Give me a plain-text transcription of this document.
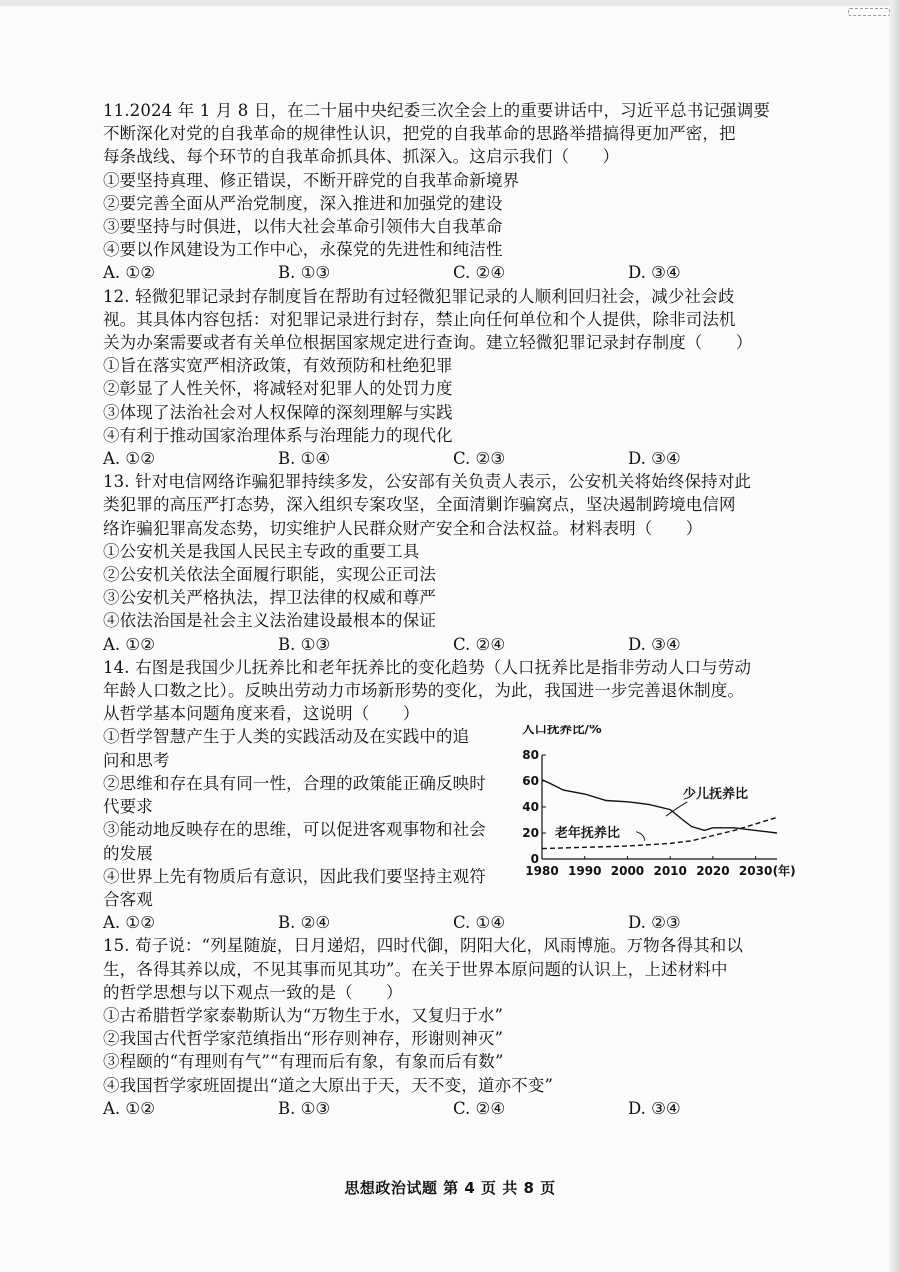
11.2024 年 1 月 8 日，在二十届中央纪委三次全会上的重要讲话中，习近平总书记强调要
不断深化对党的自我革命的规律性认识，把党的自我革命的思路举措搞得更加严密，把
每条战线、每个环节的自我革命抓具体、抓深入。这启示我们（　　）
①要坚持真理、修正错误，不断开辟党的自我革命新境界
②要完善全面从严治党制度，深入推进和加强党的建设
③要坚持与时俱进，以伟大社会革命引领伟大自我革命
④要以作风建设为工作中心，永葆党的先进性和纯洁性
A. ①②	B. ①③	C. ②④	D. ③④
12. 轻微犯罪记录封存制度旨在帮助有过轻微犯罪记录的人顺利回归社会，减少社会歧
视。其具体内容包括：对犯罪记录进行封存，禁止向任何单位和个人提供，除非司法机
关为办案需要或者有关单位根据国家规定进行查询。建立轻微犯罪记录封存制度（　　）
①旨在落实宽严相济政策，有效预防和杜绝犯罪
②彰显了人性关怀，将减轻对犯罪人的处罚力度
③体现了法治社会对人权保障的深刻理解与实践
④有利于推动国家治理体系与治理能力的现代化
A. ①②	B. ①④	C. ②③	D. ③④
13. 针对电信网络诈骗犯罪持续多发，公安部有关负责人表示，公安机关将始终保持对此
类犯罪的高压严打态势，深入组织专案攻坚，全面清剿诈骗窝点，坚决遏制跨境电信网
络诈骗犯罪高发态势，切实维护人民群众财产安全和合法权益。材料表明（　　）
①公安机关是我国人民民主专政的重要工具
②公安机关依法全面履行职能，实现公正司法
③公安机关严格执法，捍卫法律的权威和尊严
④依法治国是社会主义法治建设最根本的保证
A. ①②	B. ①③	C. ②④	D. ③④
14. 右图是我国少儿抚养比和老年抚养比的变化趋势（人口抚养比是指非劳动人口与劳动
年龄人口数之比）。反映出劳动力市场新形势的变化，为此，我国进一步完善退休制度。
从哲学基本问题角度来看，这说明（　　）
①哲学智慧产生于人类的实践活动及在实践中的追
问和思考
②思维和存在具有同一性，合理的政策能正确反映时
代要求
③能动地反映存在的思维，可以促进客观事物和社会
的发展
④世界上先有物质后有意识，因此我们要坚持主观符
合客观
人口抚养比/%
0
20
40
60
80
1980 1990 2000 2010 2020 2030 (年)
少儿抚养比
老年抚养比
A. ①②	B. ②④	C. ①④	D. ②③
15. 荀子说：“列星随旋，日月递炤，四时代御，阴阳大化，风雨博施。万物各得其和以
生，各得其养以成，不见其事而见其功”。在关于世界本原问题的认识上，上述材料中
的哲学思想与以下观点一致的是（　　）
①古希腊哲学家泰勒斯认为“万物生于水，又复归于水”
②我国古代哲学家范缜指出“形存则神存，形谢则神灭”
③程颐的“有理则有气”“有理而后有象，有象而后有数”
④我国哲学家班固提出“道之大原出于天，天不变，道亦不变”
A. ①②	B. ①③	C. ②④	D. ③④
思想政治试题 第 4 页 共 8 页
